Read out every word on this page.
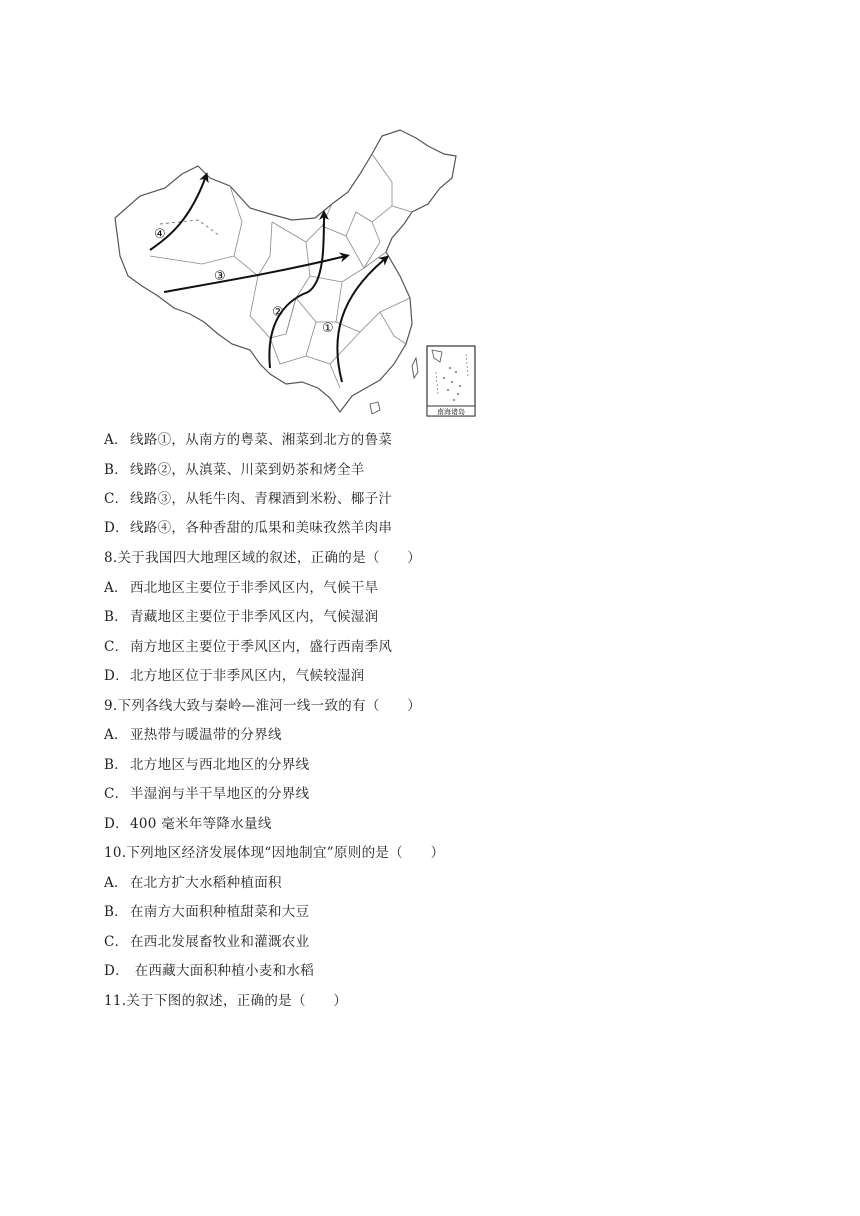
①
②
③
④
南海诸岛
A． 线路①，从南方的粤菜、湘菜到北方的鲁菜
B． 线路②，从滇菜、川菜到奶茶和烤全羊
C． 线路③，从牦牛肉、青稞酒到米粉、椰子汁
D．线路④，各种香甜的瓜果和美味孜然羊肉串
8.关于我国四大地理区域的叙述，正确的是（　　）
A． 西北地区主要位于非季风区内，气候干旱
B． 青藏地区主要位于非季风区内，气候湿润
C． 南方地区主要位于季风区内，盛行西南季风
D．北方地区位于非季风区内，气候较湿润
9.下列各线大致与秦岭—淮河一线一致的有（　　）
A． 亚热带与暖温带的分界线
B． 北方地区与西北地区的分界线
C． 半湿润与半干旱地区的分界线
D．400 毫米年等降水量线
10.下列地区经济发展体现“因地制宜”原则的是（　　）
A． 在北方扩大水稻种植面积
B． 在南方大面积种植甜菜和大豆
C． 在西北发展畜牧业和灌溉农业
D． 在西藏大面积种植小麦和水稻
11.关于下图的叙述，正确的是（　　）
